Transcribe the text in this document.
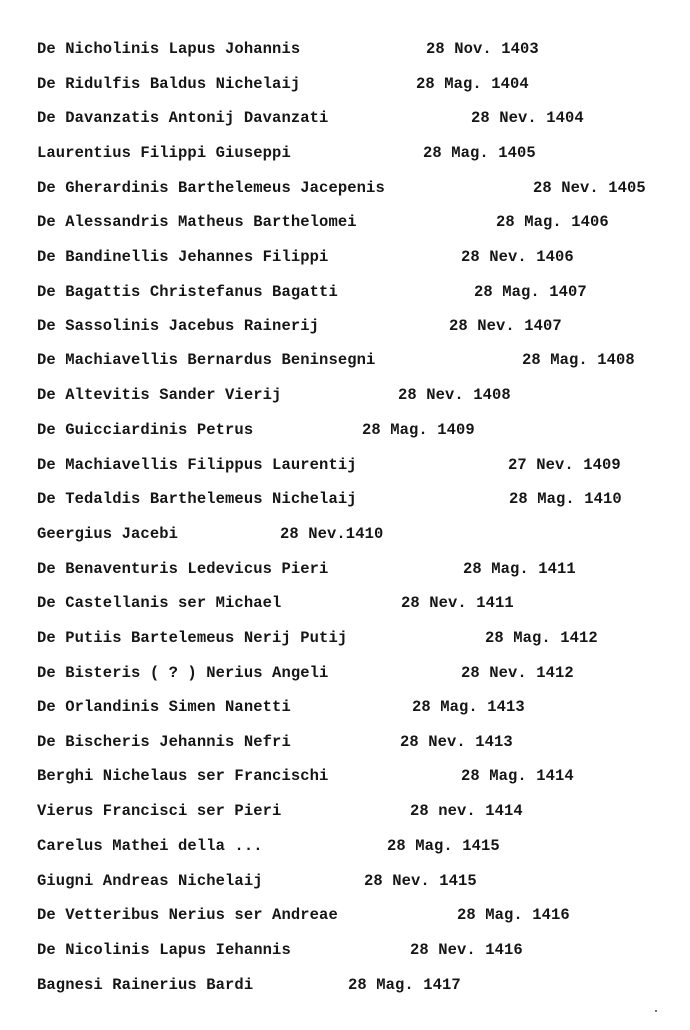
De Nicholinis Lapus Johannis	28 Nov. 1403
De Ridulfis Baldus Nichelaij	28 Mag. 1404
De Davanzatis Antonij Davanzati	28 Nev. 1404
Laurentius Filippi Giuseppi	28 Mag. 1405
De Gherardinis Barthelemeus Jacepenis	28 Nev. 1405
De Alessandris Matheus Barthelomei	28 Mag. 1406
De Bandinellis Jehannes Filippi	28 Nev. 1406
De Bagattis Christefanus Bagatti	28 Mag. 1407
De Sassolinis Jacebus Rainerij	28 Nev. 1407
De Machiavellis Bernardus Beninsegni	28 Mag. 1408
De Altevitis Sander Vierij	28 Nev. 1408
De Guicciardinis Petrus	28 Mag. 1409
De Machiavellis Filippus Laurentij	27 Nev. 1409
De Tedaldis Barthelemeus Nichelaij	28 Mag. 1410
Geergius Jacebi	28 Nev.1410
De Benaventuris Ledevicus Pieri	28 Mag. 1411
De Castellanis ser Michael	28 Nev. 1411
De Putiis Bartelemeus Nerij Putij	28 Mag. 1412
De Bisteris ( ? ) Nerius Angeli	28 Nev. 1412
De Orlandinis Simen Nanetti	28 Mag. 1413
De Bischeris Jehannis Nefri	28 Nev. 1413
Berghi Nichelaus ser Francischi	28 Mag. 1414
Vierus Francisci ser Pieri	28 nev. 1414
Carelus Mathei della ...	28 Mag. 1415
Giugni Andreas Nichelaij	28 Nev. 1415
De Vetteribus Nerius ser Andreae	28 Mag. 1416
De Nicolinis Lapus Iehannis	28 Nev. 1416
Bagnesi Rainerius Bardi	28 Mag. 1417
